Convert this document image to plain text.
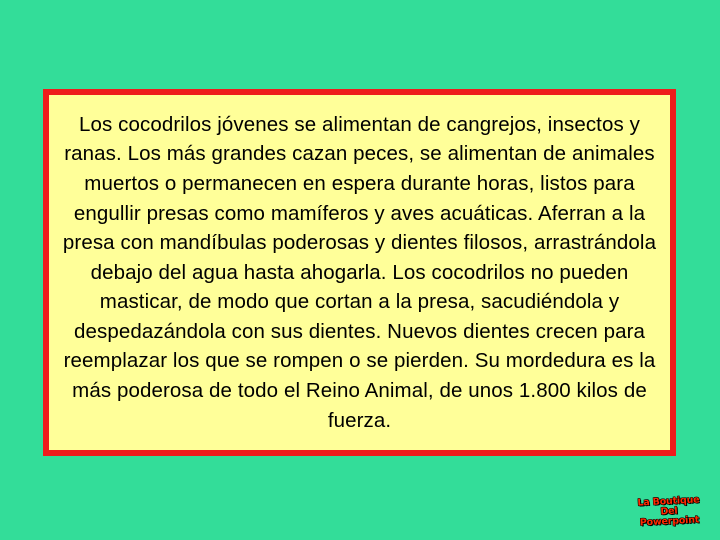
Los cocodrilos jóvenes se alimentan de cangrejos, insectos y ranas. Los más grandes cazan peces, se alimentan de animales muertos o permanecen en espera durante horas, listos para engullir presas como mamíferos y aves acuáticas. Aferran a la presa con mandíbulas poderosas y dientes filosos, arrastrándola debajo del agua hasta ahogarla. Los cocodrilos no pueden masticar, de modo que cortan a la presa, sacudiéndola y despedazándola con sus dientes. Nuevos dientes crecen para reemplazar los que se rompen o se pierden. Su mordedura es la más poderosa de todo el Reino Animal, de unos 1.800 kilos de fuerza.

La Boutique
Del
Powerpoint
